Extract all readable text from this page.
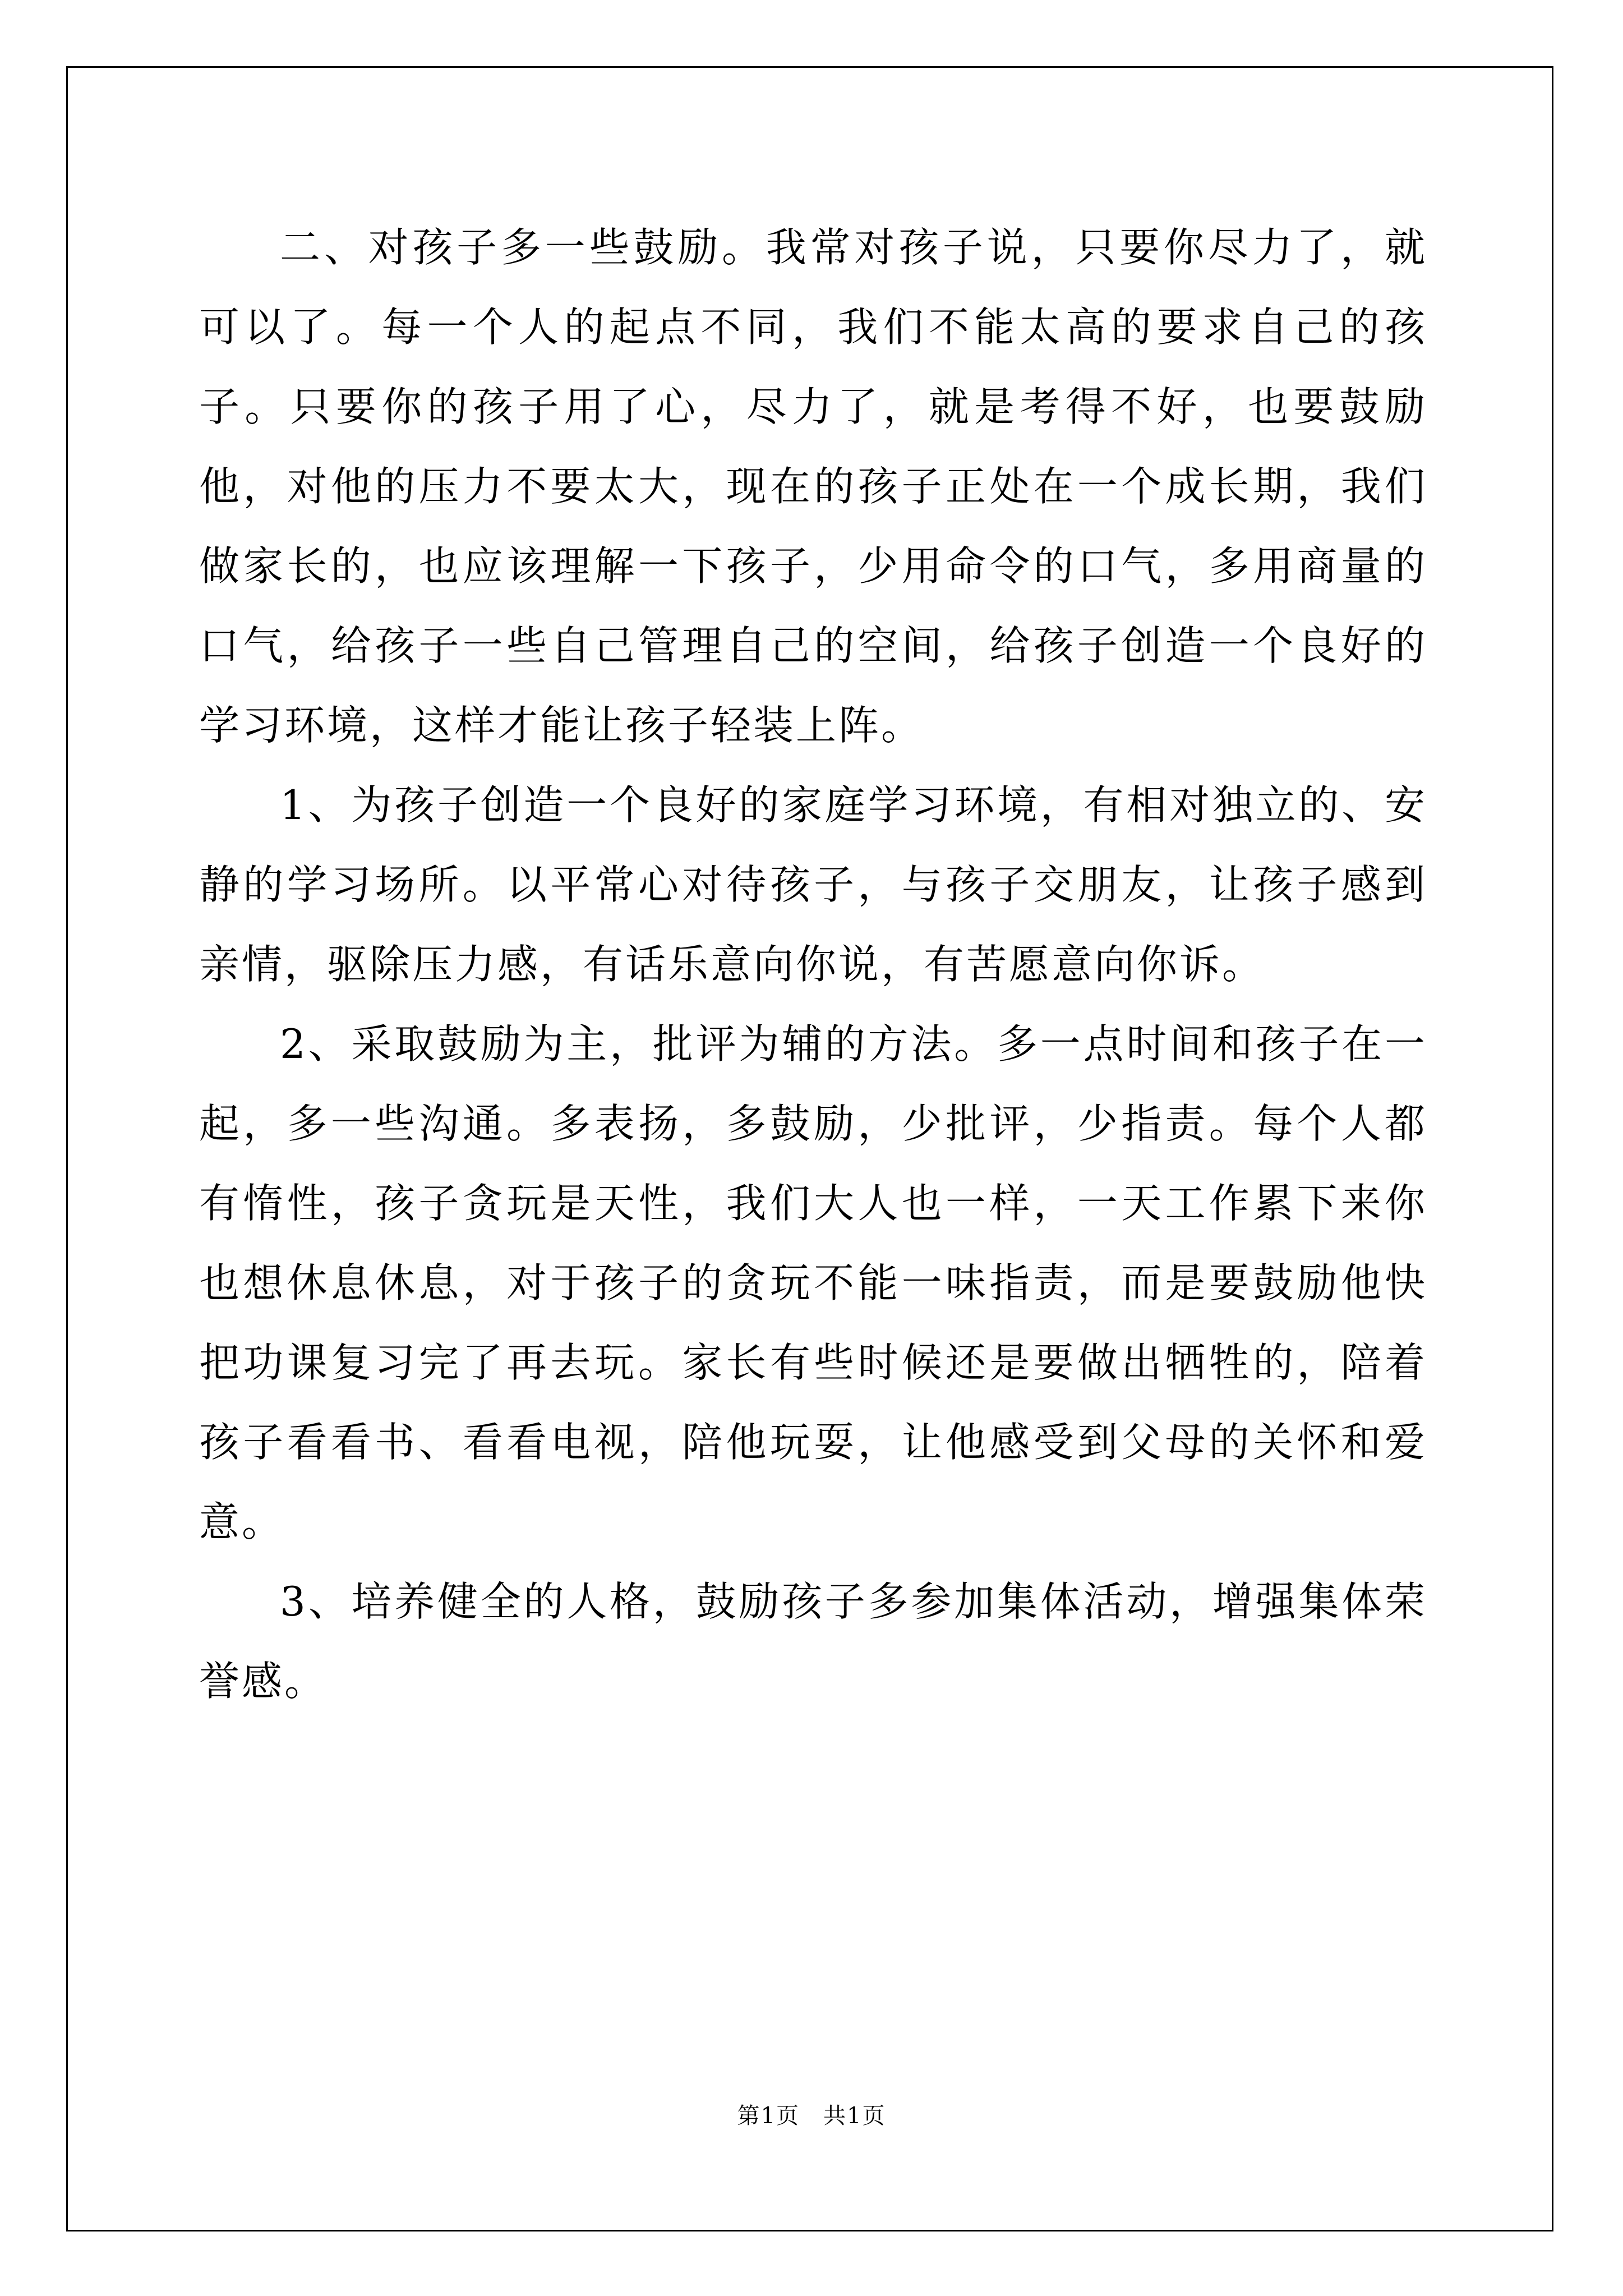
二、对孩子多一些鼓励。我常对孩子说，只要你尽力了，就可以了。每一个人的起点不同，我们不能太高的要求自己的孩子。只要你的孩子用了心，尽力了，就是考得不好，也要鼓励他，对他的压力不要太大，现在的孩子正处在一个成长期，我们做家长的，也应该理解一下孩子，少用命令的口气，多用商量的口气，给孩子一些自己管理自己的空间，给孩子创造一个良好的学习环境，这样才能让孩子轻装上阵。

1、为孩子创造一个良好的家庭学习环境，有相对独立的、安静的学习场所。以平常心对待孩子，与孩子交朋友，让孩子感到亲情，驱除压力感，有话乐意向你说，有苦愿意向你诉。

2、采取鼓励为主，批评为辅的方法。多一点时间和孩子在一起，多一些沟通。多表扬，多鼓励，少批评，少指责。每个人都有惰性，孩子贪玩是天性，我们大人也一样，一天工作累下来你也想休息休息，对于孩子的贪玩不能一味指责，而是要鼓励他快把功课复习完了再去玩。家长有些时候还是要做出牺牲的，陪着孩子看看书、看看电视，陪他玩耍，让他感受到父母的关怀和爱意。

3、培养健全的人格，鼓励孩子多参加集体活动，增强集体荣誉感。

第1页　共1页
